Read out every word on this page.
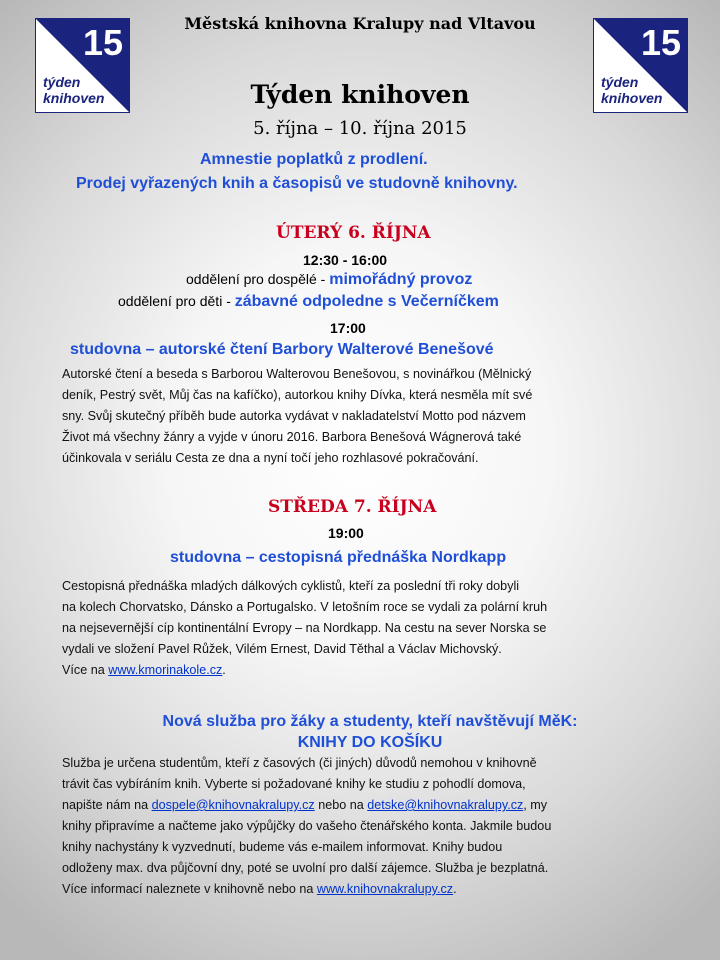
15
týden
knihoven
15
týden
knihoven
Městská knihovna Kralupy nad Vltavou
Týden knihoven
5. října – 10. října 2015
Amnestie poplatků z prodlení.
Prodej vyřazených knih a časopisů ve studovně knihovny.
ÚTERÝ 6. ŘÍJNA
12:30 - 16:00
oddělení pro dospělé - mimořádný provoz
oddělení pro děti - zábavné odpoledne s Večerníčkem
17:00
studovna – autorské čtení Barbory Walterové Benešové
Autorské čtení a beseda s Barborou Walterovou Benešovou, s novinářkou (Mělnický
deník, Pestrý svět, Můj čas na kafíčko), autorkou knihy Dívka, která nesměla mít své
sny. Svůj skutečný příběh bude autorka vydávat v nakladatelství Motto pod názvem
Život má všechny žánry a vyjde v únoru 2016. Barbora Benešová Wágnerová také
účinkovala v seriálu Cesta ze dna a nyní točí jeho rozhlasové pokračování.
STŘEDA 7. ŘÍJNA
19:00
studovna – cestopisná přednáška Nordkapp
Cestopisná přednáška mladých dálkových cyklistů, kteří za poslední tři roky dobyli
na kolech Chorvatsko, Dánsko a Portugalsko. V letošním roce se vydali za polární kruh
na nejsevernější cíp kontinentální Evropy – na Nordkapp. Na cestu na sever Norska se
vydali ve složení Pavel Růžek, Vilém Ernest, David Těthal a Václav Michovský.
Více na www.kmorinakole.cz.
Nová služba pro žáky a studenty, kteří navštěvují MěK:
KNIHY DO KOŠÍKU
Služba je určena studentům, kteří z časových (či jiných) důvodů nemohou v knihovně
trávit čas vybíráním knih. Vyberte si požadované knihy ke studiu z pohodlí domova,
napište nám na dospele@knihovnakralupy.cz nebo na detske@knihovnakralupy.cz, my
knihy připravíme a načteme jako výpůjčky do vašeho čtenářského konta. Jakmile budou
knihy nachystány k vyzvednutí, budeme vás e-mailem informovat. Knihy budou
odloženy max. dva půjčovní dny, poté se uvolní pro další zájemce. Služba je bezplatná.
Více informací naleznete v knihovně nebo na www.knihovnakralupy.cz.
